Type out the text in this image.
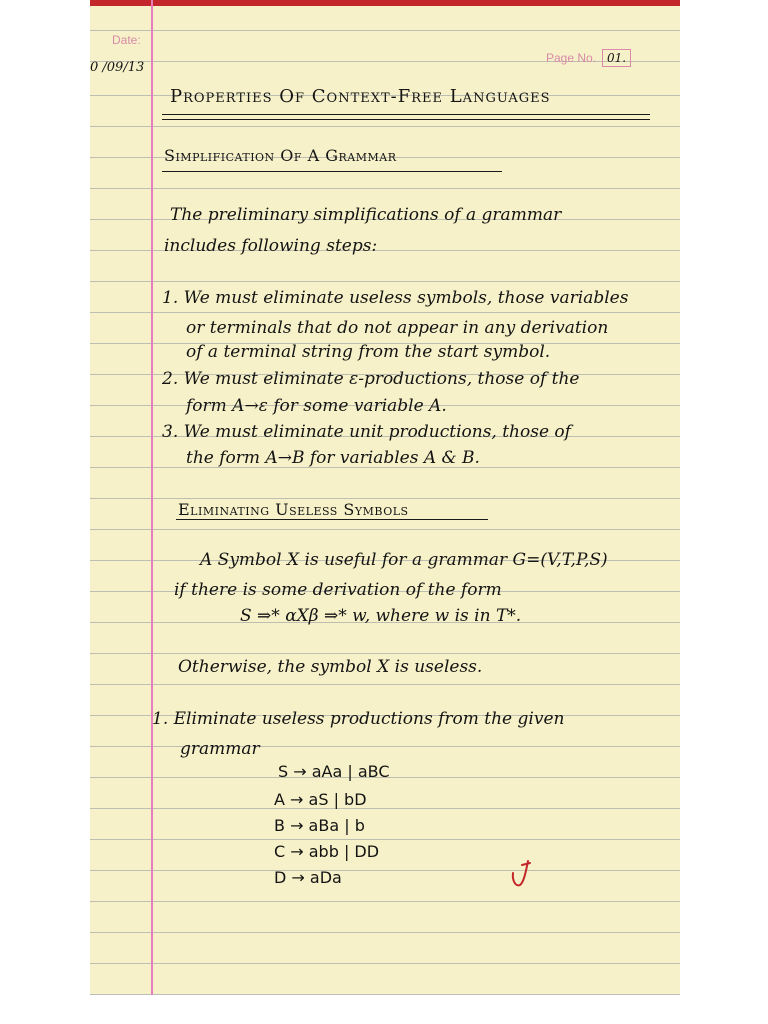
Date:
0 /09/13
Page No. 01.
Properties Of Context-Free Languages
Simplification Of A Grammar
The preliminary simplifications of a grammar
includes following steps:
1. We must eliminate useless symbols, those variables
or terminals that do not appear in any derivation
of a terminal string from the start symbol.
2. We must eliminate ε-productions, those of the
form A→ε for some variable A.
3. We must eliminate unit productions, those of
the form A→B for variables A & B.
Eliminating Useless Symbols
A Symbol X is useful for a grammar G=(V,T,P,S)
if there is some derivation of the form
S ⇒* αXβ ⇒* w, where w is in T*.
Otherwise, the symbol X is useless.
1. Eliminate useless productions from the given
grammar
S → aAa | aBC
A → aS | bD
B → aBa | b
C → abb | DD
D → aDa
